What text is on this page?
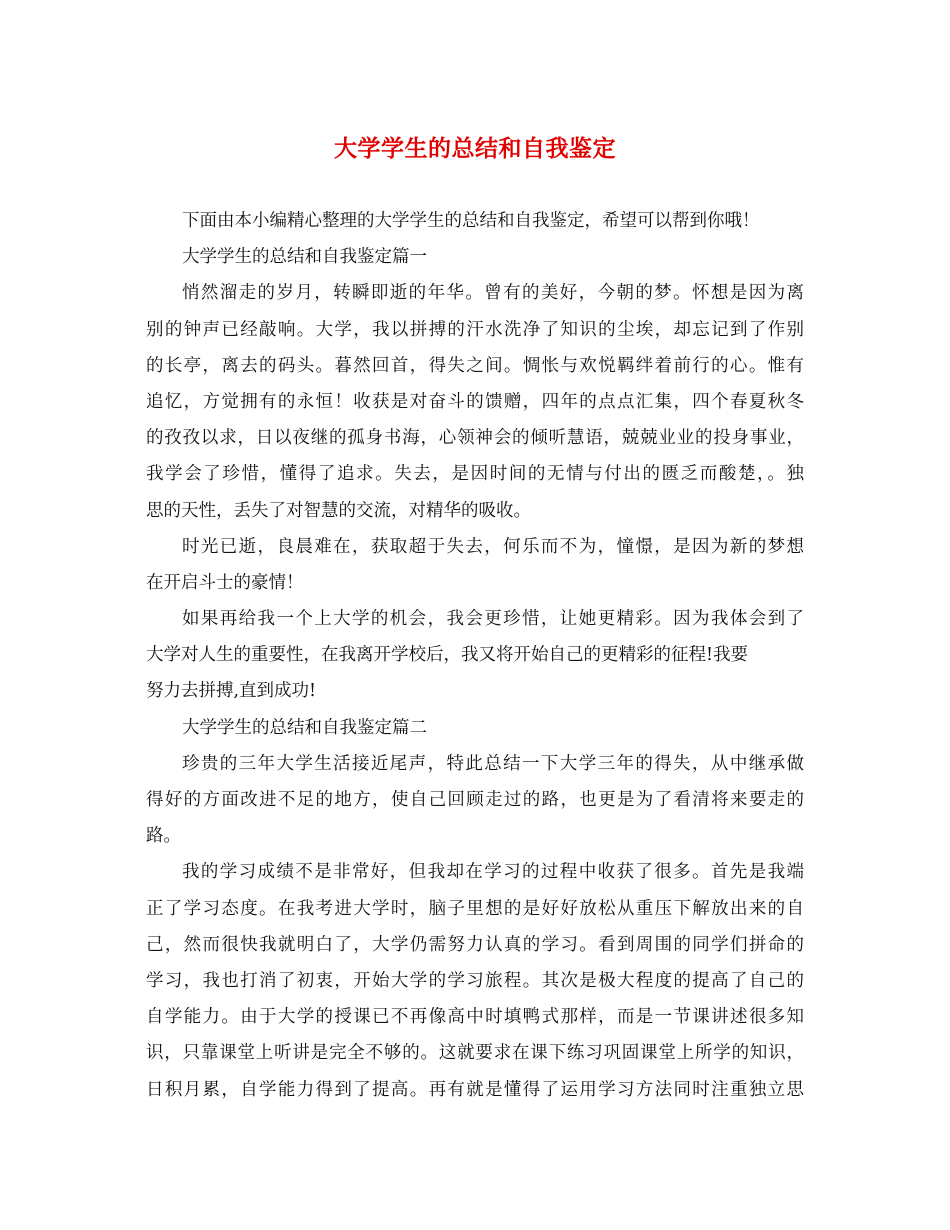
大学学生的总结和自我鉴定
下面由本小编精心整理的大学学生的总结和自我鉴定，希望可以帮到你哦！
大学学生的总结和自我鉴定篇一
悄然溜走的岁月，转瞬即逝的年华。曾有的美好，今朝的梦。怀想是因为离
别的钟声已经敲响。大学，我以拼搏的汗水洗净了知识的尘埃，却忘记到了作别
的长亭，离去的码头。暮然回首，得失之间。惆怅与欢悦羁绊着前行的心。惟有
追忆，方觉拥有的永恒！收获是对奋斗的馈赠，四年的点点汇集，四个春夏秋冬
的孜孜以求，日以夜继的孤身书海，心领神会的倾听慧语，兢兢业业的投身事业，
我学会了珍惜，懂得了追求。失去，是因时间的无情与付出的匮乏而酸楚，。独
思的天性，丢失了对智慧的交流，对精华的吸收。
时光已逝，良晨难在，获取超于失去，何乐而不为，憧憬，是因为新的梦想
在开启斗士的豪情！
如果再给我一个上大学的机会，我会更珍惜，让她更精彩。因为我体会到了
大学对人生的重要性，在我离开学校后，我又将开始自己的更精彩的征程!我要
努力去拼搏,直到成功!
大学学生的总结和自我鉴定篇二
珍贵的三年大学生活接近尾声，特此总结一下大学三年的得失，从中继承做
得好的方面改进不足的地方，使自己回顾走过的路，也更是为了看清将来要走的
路。
我的学习成绩不是非常好，但我却在学习的过程中收获了很多。首先是我端
正了学习态度。在我考进大学时，脑子里想的是好好放松从重压下解放出来的自
己，然而很快我就明白了，大学仍需努力认真的学习。看到周围的同学们拼命的
学习，我也打消了初衷，开始大学的学习旅程。其次是极大程度的提高了自己的
自学能力。由于大学的授课已不再像高中时填鸭式那样，而是一节课讲述很多知
识，只靠课堂上听讲是完全不够的。这就要求在课下练习巩固课堂上所学的知识，
日积月累，自学能力得到了提高。再有就是懂得了运用学习方法同时注重独立思
